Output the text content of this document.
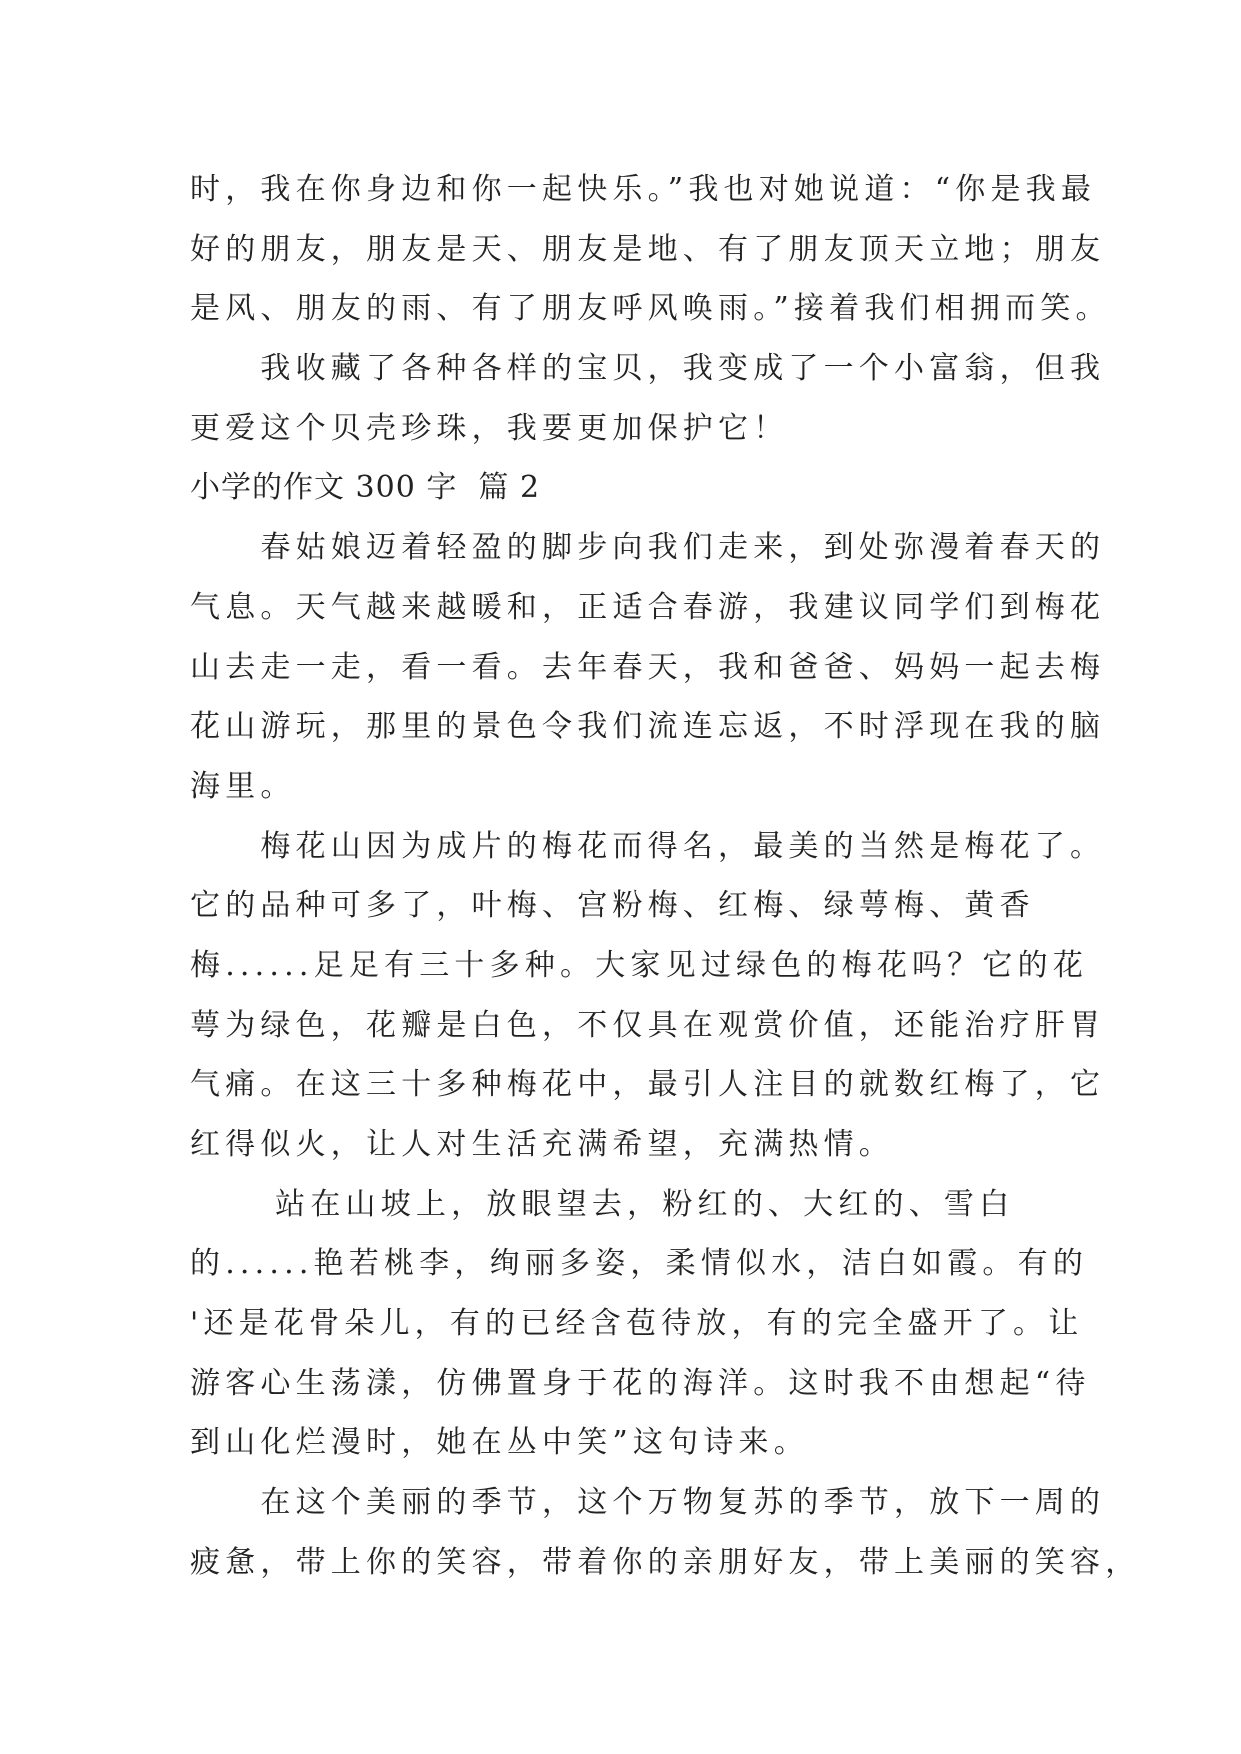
时，我在你身边和你一起快乐。”我也对她说道：“你是我最
好的朋友，朋友是天、朋友是地、有了朋友顶天立地；朋友
是风、朋友的雨、有了朋友呼风唤雨。”接着我们相拥而笑。
　　我收藏了各种各样的宝贝，我变成了一个小富翁，但我
更爱这个贝壳珍珠，我要更加保护它！
小学的作文 300 字  篇 2
　　春姑娘迈着轻盈的脚步向我们走来，到处弥漫着春天的
气息。天气越来越暖和，正适合春游，我建议同学们到梅花
山去走一走，看一看。去年春天，我和爸爸、妈妈一起去梅
花山游玩，那里的景色令我们流连忘返，不时浮现在我的脑
海里。
　　梅花山因为成片的梅花而得名，最美的当然是梅花了。
它的品种可多了，叶梅、宫粉梅、红梅、绿萼梅、黄香
梅......足足有三十多种。大家见过绿色的梅花吗？它的花
萼为绿色，花瓣是白色，不仅具在观赏价值，还能治疗肝胃
气痛。在这三十多种梅花中，最引人注目的就数红梅了，它
红得似火，让人对生活充满希望，充满热情。
　　 站在山坡上，放眼望去，粉红的、大红的、雪白
的......艳若桃李，绚丽多姿，柔情似水，洁白如霞。有的
'还是花骨朵儿，有的已经含苞待放，有的完全盛开了。让
游客心生荡漾，仿佛置身于花的海洋。这时我不由想起“待
到山化烂漫时，她在丛中笑”这句诗来。
　　在这个美丽的季节，这个万物复苏的季节，放下一周的
疲惫，带上你的笑容，带着你的亲朋好友，带上美丽的笑容，
